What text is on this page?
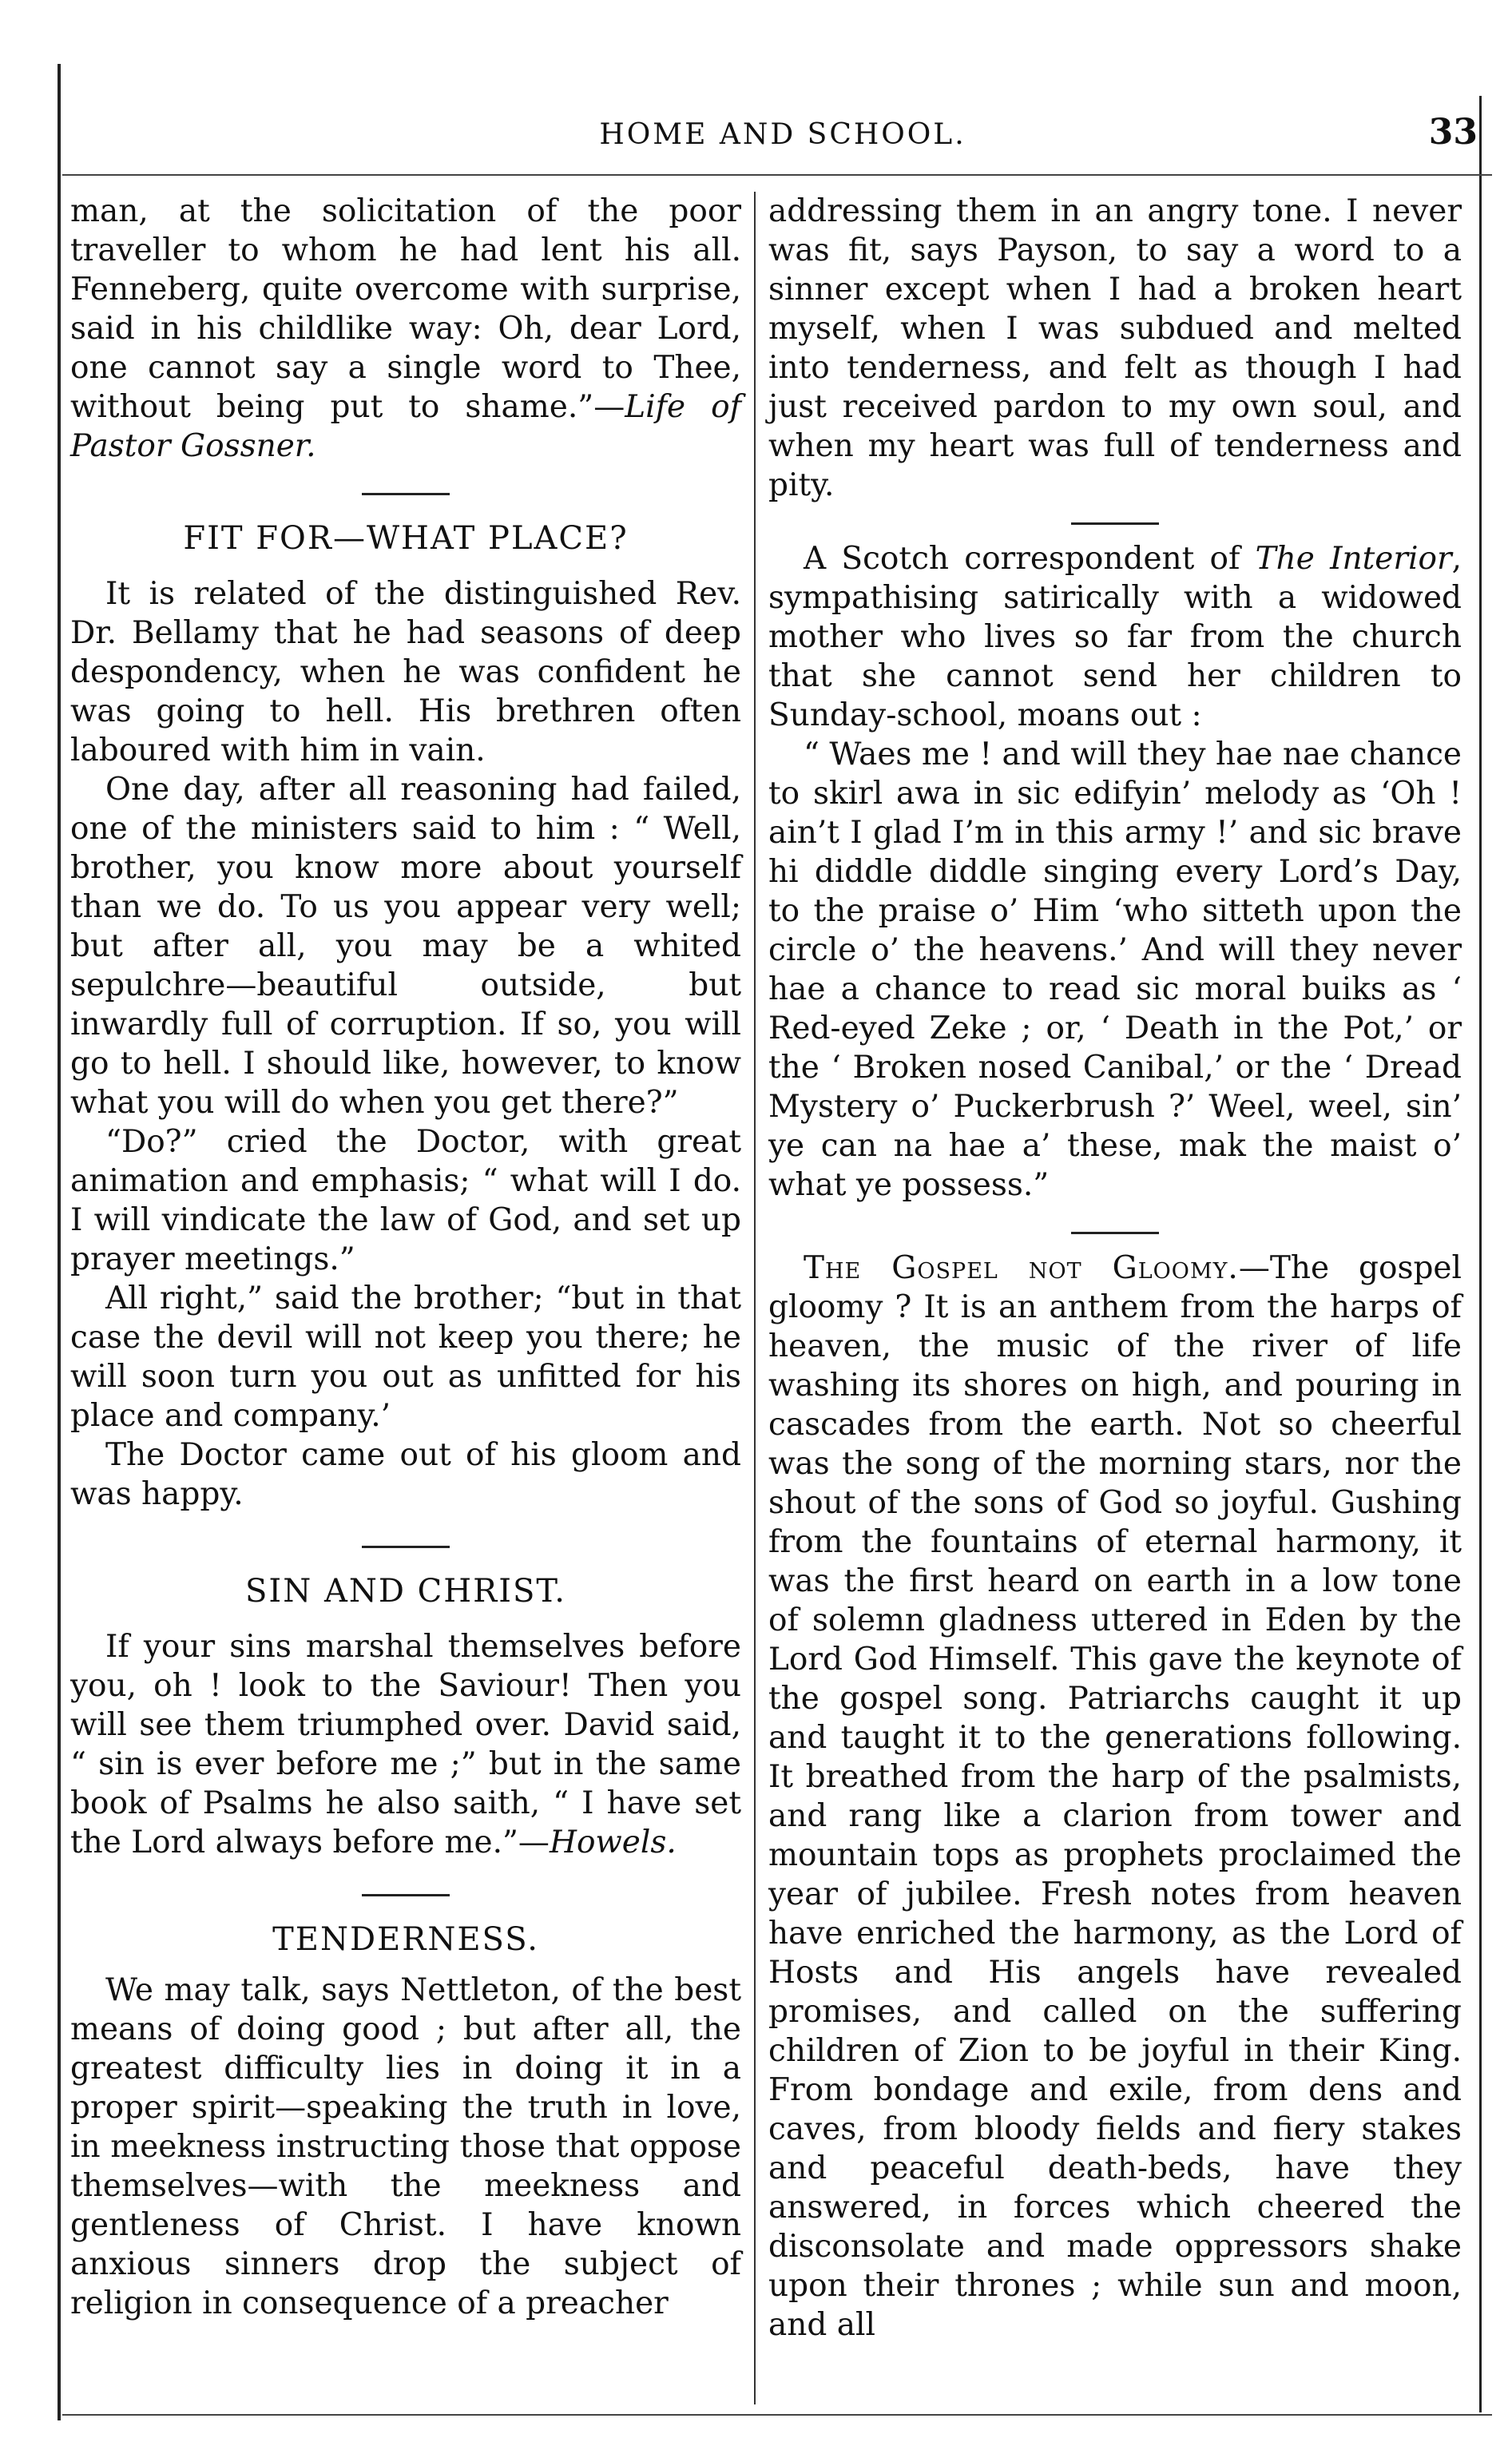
HOME AND SCHOOL.	33

man, at the solicitation of the poor traveller to whom he had lent his all. Fenneberg, quite overcome with surprise, said in his childlike way: Oh, dear Lord, one cannot say a single word to Thee, without being put to shame.”—Life of Pastor Gossner.

FIT FOR—WHAT PLACE?

It is related of the distinguished Rev. Dr. Bellamy that he had seasons of deep despondency, when he was confident he was going to hell. His brethren often laboured with him in vain.

One day, after all reasoning had failed, one of the ministers said to him : “ Well, brother, you know more about yourself than we do. To us you appear very well; but after all, you may be a whited sepulchre—beautiful outside, but inwardly full of corruption. If so, you will go to hell. I should like, however, to know what you will do when you get there?”

“Do?” cried the Doctor, with great animation and emphasis; “ what will I do. I will vindicate the law of God, and set up prayer meetings.”

All right,” said the brother; “but in that case the devil will not keep you there; he will soon turn you out as unfitted for his place and company.’

The Doctor came out of his gloom and was happy.

SIN AND CHRIST.

If your sins marshal themselves before you, oh ! look to the Saviour! Then you will see them triumphed over. David said, “ sin is ever before me ;” but in the same book of Psalms he also saith, “ I have set the Lord always before me.”—Howels.

TENDERNESS.

We may talk, says Nettleton, of the best means of doing good ; but after all, the greatest difficulty lies in doing it in a proper spirit—speaking the truth in love, in meekness instructing those that oppose themselves—with the meekness and gentleness of Christ. I have known anxious sinners drop the subject of religion in consequence of a preacher

addressing them in an angry tone. I never was fit, says Payson, to say a word to a sinner except when I had a broken heart myself, when I was subdued and melted into tenderness, and felt as though I had just received pardon to my own soul, and when my heart was full of tenderness and pity.

A Scotch correspondent of The Interior, sympathising satirically with a widowed mother who lives so far from the church that she cannot send her children to Sunday-school, moans out :

“ Waes me ! and will they hae nae chance to skirl awa in sic edifyin’ melody as ‘Oh ! ain’t I glad I’m in this army !’ and sic brave hi diddle diddle singing every Lord’s Day, to the praise o’ Him ‘who sitteth upon the circle o’ the heavens.’ And will they never hae a chance to read sic moral buiks as ‘ Red-eyed Zeke ; or, ‘ Death in the Pot,’ or the ‘ Broken nosed Canibal,’ or the ‘ Dread Mystery o’ Puckerbrush ?’ Weel, weel, sin’ ye can na hae a’ these, mak the maist o’ what ye possess.”

The Gospel not Gloomy.—The gospel gloomy ? It is an anthem from the harps of heaven, the music of the river of life washing its shores on high, and pouring in cascades from the earth. Not so cheerful was the song of the morning stars, nor the shout of the sons of God so joyful. Gushing from the fountains of eternal harmony, it was the first heard on earth in a low tone of solemn gladness uttered in Eden by the Lord God Himself. This gave the keynote of the gospel song. Patriarchs caught it up and taught it to the generations following. It breathed from the harp of the psalmists, and rang like a clarion from tower and mountain tops as prophets proclaimed the year of jubilee. Fresh notes from heaven have enriched the harmony, as the Lord of Hosts and His angels have revealed promises, and called on the suffering children of Zion to be joyful in their King. From bondage and exile, from dens and caves, from bloody fields and fiery stakes and peaceful death-beds, have they answered, in forces which cheered the disconsolate and made oppressors shake upon their thrones ; while sun and moon, and all
